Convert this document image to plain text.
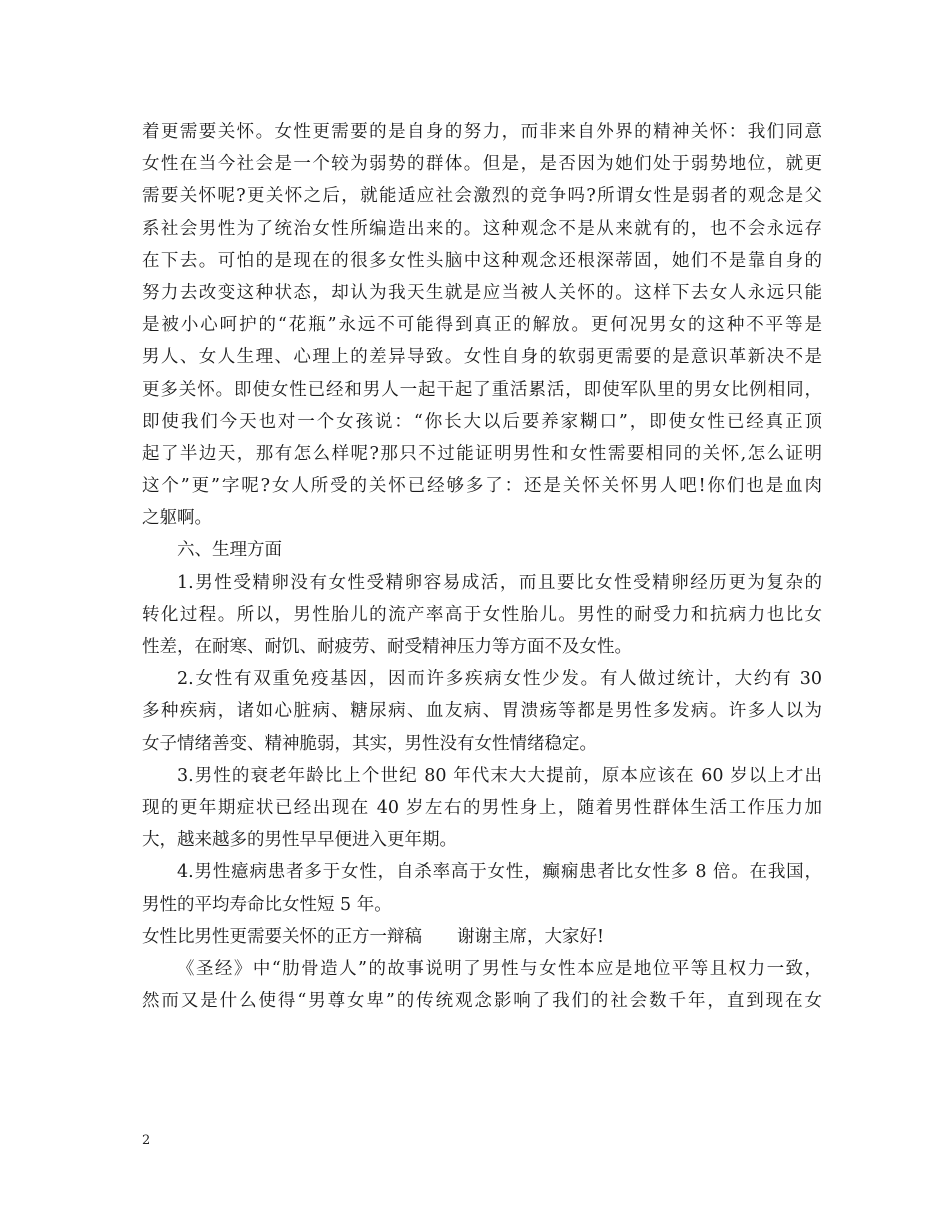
着更需要关怀。女性更需要的是自身的努力，而非来自外界的精神关怀：我们同意
女性在当今社会是一个较为弱势的群体。但是，是否因为她们处于弱势地位，就更
需要关怀呢?更关怀之后，就能适应社会激烈的竞争吗?所谓女性是弱者的观念是父
系社会男性为了统治女性所编造出来的。这种观念不是从来就有的，也不会永远存
在下去。可怕的是现在的很多女性头脑中这种观念还根深蒂固，她们不是靠自身的
努力去改变这种状态，却认为我天生就是应当被人关怀的。这样下去女人永远只能
是被小心呵护的“花瓶”永远不可能得到真正的解放。更何况男女的这种不平等是
男人、女人生理、心理上的差异导致。女性自身的软弱更需要的是意识革新决不是
更多关怀。即使女性已经和男人一起干起了重活累活，即使军队里的男女比例相同，
即使我们今天也对一个女孩说：“你长大以后要养家糊口”，即使女性已经真正顶
起了半边天，那有怎么样呢?那只不过能证明男性和女性需要相同的关怀,怎么证明
这个”更”字呢?女人所受的关怀已经够多了：还是关怀关怀男人吧!你们也是血肉
之躯啊。
六、生理方面
1.男性受精卵没有女性受精卵容易成活，而且要比女性受精卵经历更为复杂的
转化过程。所以，男性胎儿的流产率高于女性胎儿。男性的耐受力和抗病力也比女
性差，在耐寒、耐饥、耐疲劳、耐受精神压力等方面不及女性。
2.女性有双重免疫基因，因而许多疾病女性少发。有人做过统计，大约有 30
多种疾病，诸如心脏病、糖尿病、血友病、胃溃疡等都是男性多发病。许多人以为
女子情绪善变、精神脆弱，其实，男性没有女性情绪稳定。
3.男性的衰老年龄比上个世纪 80 年代末大大提前，原本应该在 60 岁以上才出
现的更年期症状已经出现在 40 岁左右的男性身上，随着男性群体生活工作压力加
大，越来越多的男性早早便进入更年期。
4.男性癔病患者多于女性，自杀率高于女性，癫痫患者比女性多 8 倍。在我国，
男性的平均寿命比女性短 5 年。
女性比男性更需要关怀的正方一辩稿　　谢谢主席，大家好!
《圣经》中“肋骨造人”的故事说明了男性与女性本应是地位平等且权力一致，
然而又是什么使得“男尊女卑”的传统观念影响了我们的社会数千年，直到现在女
2
